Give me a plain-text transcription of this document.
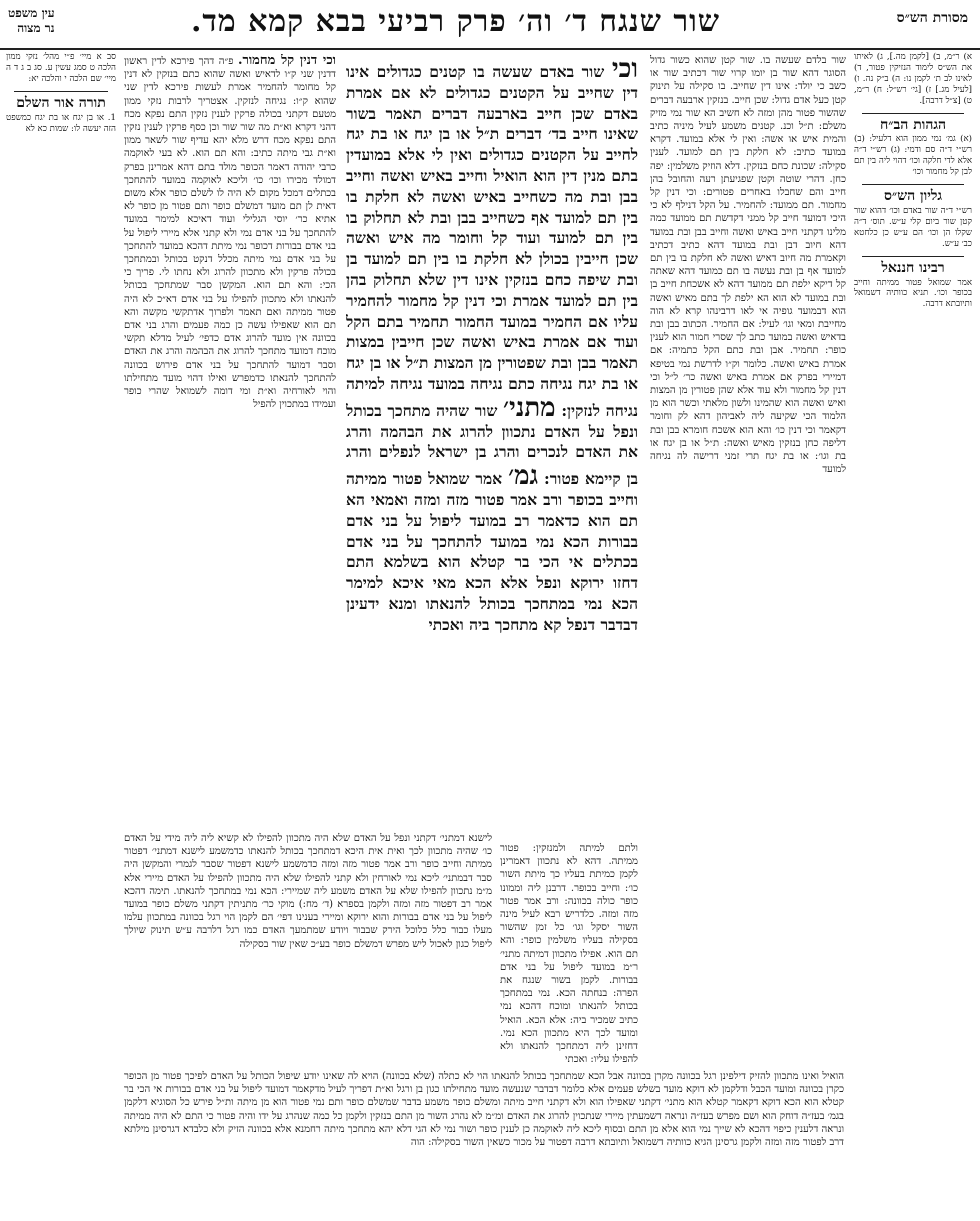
שור שנגח ד׳ וה׳ פרק רביעי בבא קמא מד.	מסורת הש״ס
עין משפט
נר מצוה
א) ר״מ, ב) [לקמן מה.], ג) לאיתו את הש״ס לימוד הנזיקין פטור, ד) לאינו לב ת׳ לקמן נו: ה) ב״ק נה. ו) [לעיל מג.] ז) [גי׳ רש״ל: ח) ר״מ, ט) [צ״ל דרבה].
הגהות הב״ח
(א) גמ׳ נמי ממון הוא דלעיל: (ב) רש״י ד״ה סם ודמי: (ג) רש״י ד״ה אלא לדי חלקה וכו׳ דהוי ליה בין תם לבן קל מחמור וכו׳
גליון הש״ס
רש״י ד״ה שור באדם וכו׳ דהוא שור קטן שור ביום קלי ע״ש. תוס׳ ד״ה שקלו הן וכו׳ הם ע״ש כן כלחטא כב׳ ע״ש.
רבינו חננאל
אמר שמואל פטור ממיתה וחייב בכופר וכו׳. תניא כוותיה דשמואל ותיובתא דרבה.
סב א מיי׳ פ״י מהל׳ נזקי ממון הלכה ט סמג עשין ע. סג ב ג ד ה מיי׳ שם הלכה י והלכה יא:
תורה אור השלם
1. או בן יגח או בת יגח כמשפט הזה יעשה לו: שמות כא לא
שור בלדם שעשה בו. שור קטן שהוא כשור גדול הסוגר דהא שור בן יומו קרוי שור דכתיב שור או כשב כי יולד: אינו דין שחייב. בו סקילה על תינוק קטן כעל אדם גדול: שכן חייב. בנזקין ארבעה דברים שהשור פטור מהן ומזה לא חשיב הא שור נמי מזיק משלם: ת״ל וכנ. קטנים משמע לעיל מיניה כתיב והמית איש או אשה: ואין לי אלא במועד. דקרא במועד כתיב: לא חלקת בין תם למועד. לענין סקילה: שכונת כחם בנזקין. דלא הוזיק משלמין: יפה כחן. דהרי שוטה וקטן שפגיעתן רעה והחובל בהן חייב והם שחבלו באחרים פטורים: וכי דנין קל מחמור. תם ממועד: להחמיר. על הקל דנילף לא כי היכי דמועד חייב קל ממני דקדשת תם ממועד כמה מלינו דקתני חייב באיש ואשה וחייב בבן ובת במועד דהא חיוב דבן ובת במועד דהא כתיב דכתיב וקאמרת מה חיוב דאיש ואשה לא חלקת בו בין תם למועד אף בן ובת נעשה בו תם כמועד דהא שאתה קל דיקא ילפת תם ממועד דהא לא אשכחת חייב בן ובת במועד לא הוא הא ילפת לך בתם מאיש ואשה הוא דבמועד גופיה אי לאו דרבינהו קרא לא הוה מחייבת ומאי וגו׳ לעיל: אם החמיר. הכתוב בבן ובת בדאיש ואשה במועד כתב לך שסרי חמור הוא לענין כופר: תחמיר. אבן ובת כתם הקל כתמיה: אם אמרת באיש ואשה. כלומר וק״ו לדרשת נמי בטיפא דמיירי בפרק אם אמרת באיש ואשה כר׳ ל״ל וכי דנין קל מחמור ולא עוד אלא שהן פטורין מן המצות ואיש ואשה הוא שהמינו ולשון מלאתי וכשר הוא מן הלמוד הכי שקיעה ליה לאביהון דהא לק וחומר דקאמר וכי דנין כו׳ והא הוא אשכח חומרא בבן ובת דליפה כחן בנזקין מאיש ואשה: ת״ל או בן יגח או בת וגו׳: או בת יגח תרי זמני דרישה לה נגיחה למועד
וכי שור באדם שעשה בו קטנים כגדולים אינו דין שחייב על הקטנים כגדולים לא אם אמרת באדם שכן חייב בארבעה דברים תאמר בשור שאינו חייב בד׳ דברים ת״ל או בן יגח או בת יגח לחייב על הקטנים כגדולים ואין לי אלא במועדין בתם מנין דין הוא הואיל וחייב באיש ואשה וחייב בבן ובת מה כשחייב באיש ואשה לא חלקת בו בין תם למועד אף כשחייב בבן ובת לא תחלוק בו בין תם למועד ועוד קל וחומר מה איש ואשה שכן חייבין בכולן לא חלקת בו בין תם למועד בן ובת שיפה כחם בנזקין אינו דין שלא תחלוק בהן בין תם למועד אמרת וכי דנין קל מחמור להחמיר עליו אם החמיר במועד החמור תחמיר בתם הקל ועוד אם אמרת באיש ואשה שכן חייבין במצות תאמר בבן ובת שפטורין מן המצות ת״ל או בן יגח או בת יגח נגיחה כתם נגיחה במועד נגיחה למיתה נגיחה לנזקין: מתני׳ שור שהיה מתחכך בכותל ונפל על האדם נתכוון להרוג את הבהמה והרג את האדם לנכרים והרג בן ישראל לנפלים והרג בן קיימא פטור: גמ׳ אמר שמואל פטור ממיתה וחייב בכופר ורב אמר פטור מזה ומזה ואמאי הא תם הוא כדאמר רב במועד ליפול על בני אדם בבורות הכא נמי במועד להתחכך על בני אדם בכתלים אי הכי בר קטלא הוא בשלמא התם דחזו ירוקא ונפל אלא הכא מאי איכא למימר הכא נמי במתחכך בכותל להנאתו ומנא ידעינן דבדבר דנפל קא מתחכך ביה ואכתי
וכי דנין קל מחמור. פ״ה דהך פירכא לדין ראשון דדנין שני ק״ו לדאיש ואשה שהוא כתם בנזקין לא דנין קל מחומר להחמיר אמרת לעשות פירכא לדין שני שהוא ק״ו: נגיחה לנזקין. אצטריך לרבות נזקי ממון מטעם דקתני בכולה פרקין לענין נזקין התם נפקא מכח דהני דקרא וא״ת מה שור שור וכן כסף פרקין לענין נזקין התם נפקא מכח דרש מלא יהא עדיף שור לשאר ממון וא״ת גבי מיתה כתיב: והא תם הוא. לא בעי לאוקמה כרבי יהודה דאמר הכופר מולד בתם דהא אמרינן בפרק דמולד מכירו וכו׳ כו׳ וליכא לאוקמה במועד להתחכך בכתלים דמכל מקום לא היה לו לשלם כופר אלא משום דאית לן תם מועד דמשלם כופר ותם פטור מן כופר לא אתיא כר׳ יוסי הגלילי ועוד דאיכא למימר במועד להתחכך על בני אדם נמי ולא קתני אלא מיירי ליפול על בני אדם בבורות דכופר נמי מיתת דהכא במועד להתחכך על בני אדם נמי מיתה מכלל דנקט בכותל ובמתחכך בכולה פרקין ולא מתכוון להרוג ולא נחתו לי. פריך כי הכי: והא תם הוא. המקשן סבר שמתחכך בכותל להנאתו ולא מתכוון להפילו על בני אדם דא״כ לא היה פטור ממיתה ואם תאמר ולפרוך אדתקשי מקשה והא תם הוא שאפילו עשה כן כמה פעמים והרג בני אדם בכוונה אין מועד להרוג אדם כדפי׳ לעיל מדלא תקשי מוכח דמועד מתחכך להרוג את הבהמה והרג את האדם וסבר דמועד להתחכך על בני אדם פירוש בכוונה להתחכך להנאתו כדמפרש ואילו דהוי מועד מתחילתו והוי לאורחיה וא״ת ומי דומה לשמואל שהרי כופר ועמידו במתכוין להפיל
ולתם למיתה ולמנזקין: פטור ממיתה. דהא לא נתכוון דאמרינן לקמן כמיתת בעליו כך מיתת השור כו׳: וחייב בכופר. דרבנן ליה וממונו כופר כולה בכוונה: ורב אמר פטור מזה ומזה. כלדריש רבא לעיל מינה השור יסקל וגו׳ כל זמן שהשור בסקילה בעליו משלמין כופר: והא תם הוא. אפילו מתכוון דמיתה מתני׳ ר״מ במועד ליפול על בני אדם בבורות. לקמן בשור שנגח את הפרה: בנחתה הכא. נמי במתחכך בכותל להנאתו ומוכח דהכא נמי כתיב שמכיר ביה: אלא הכא. הואיל ומועד לכך היא מתכוון הכא נמי. דחזינן ליה דמתחכך להנאתו ולא להפילו עליו: ואכתי
לישנא דמתני׳ דקתני ונפל על האדם שלא היה מתכוון להפילו לא קשיא ליה ליה מידי על האדם כו׳ שהיה מתכוון לכך ואית אית היכא דמתחכך בכותל להנאתו כדמשמע לישנא דמתני׳ דפטור ממיתה וחייב כופר ורב אמר פטור מזה ומזה כדמשמע לישנא דפטור שסבר לגמרי והמקשן היה סבר דבמתני׳ ליכא נמי לאורחין ולא קתני להפילו שלא היה מתכוון להפילו על האדם מיירי אלא מ״מ נתכוון להפילו שלא על האדם משמע ליה שמיירי: הכא נמי במתחכך להנאתו. תימה דהכא אמר רב דפטור מזה ומזה ולקמן בספרא (ד׳ מח:) מוקי כר׳ מתניתין דקתני משלם כופר במועד ליפול על בני אדם בבורות והוא ירוקא ומיירי בענינו דפי׳ הם לקמן הוי רגל בכוונה במתכוון עלמו מעלו כבור כלל כלוכל הירק שבבור ויודע שמתמעך האדם כמו רגל דלרבה ע״ש תינוק שיולך ליפול כגון לאכול ליש מפרש דמשלם כופר בע״כ שאין שור בסקילה
הואיל ואינו מתכוון להזיק דילפינן רגל בכוונה מקרן בכוונה אבל הכא שמתחכך בכותל להנאתו הוי לא כתלה (שלא בכוונה) הויא לה שאינו יודע שיפול הכותל על האדם לפיכך פטור מן הכופר כקרן בכוונה ומועד הכבל ודלקמן לא דוקא מועד בשלש פעמים אלא כלומר דבדבר שנעשה מועד מתחילתו כגון בן ורגל וא״ת דפריך לעיל מדקאמר דמועד ליפול על בני אדם בבורות אי הכי בר קטלא הוא הכא דוקא דקאמר קטלא הוא מתני׳ דקתני שאפילו הוא ולא דקתני חייב מיתה ומשלם כופר משמע בדבר שמשלם כופר ותם נמי פטור הוא מן מיתה ות״ל פירש כל הסוגיא דלקמן בגמ׳ בעז״ה דוחק הוא ושם מפרש בעז״ה ונראה דשמעתין מיירי שנתכוין להרוג את האדם ומ״מ לא נהרג השור מן התם בנזקין ולקמן כל כמה שנהרג על ידו והיה פטור כי התם לא היה ממיתה ונראה דלענין כיפוי דהכא לא שייך נמי הוא אלא מן התם ובסוף ליכא ליה לאוקמה כן לענין כופר ושור נמי לא הגי דלא יהא מתחכך מיתה רחמנא אלא בכוונה הזיק ולא כלבדא דגרסינן מילתא דרב לפטור מזה ומזה ולקמן גרסינן הגיא כוותיה דשמואל ותיובתא דרבה דפטור על מכור כשאין השור בסקילה: הוה
